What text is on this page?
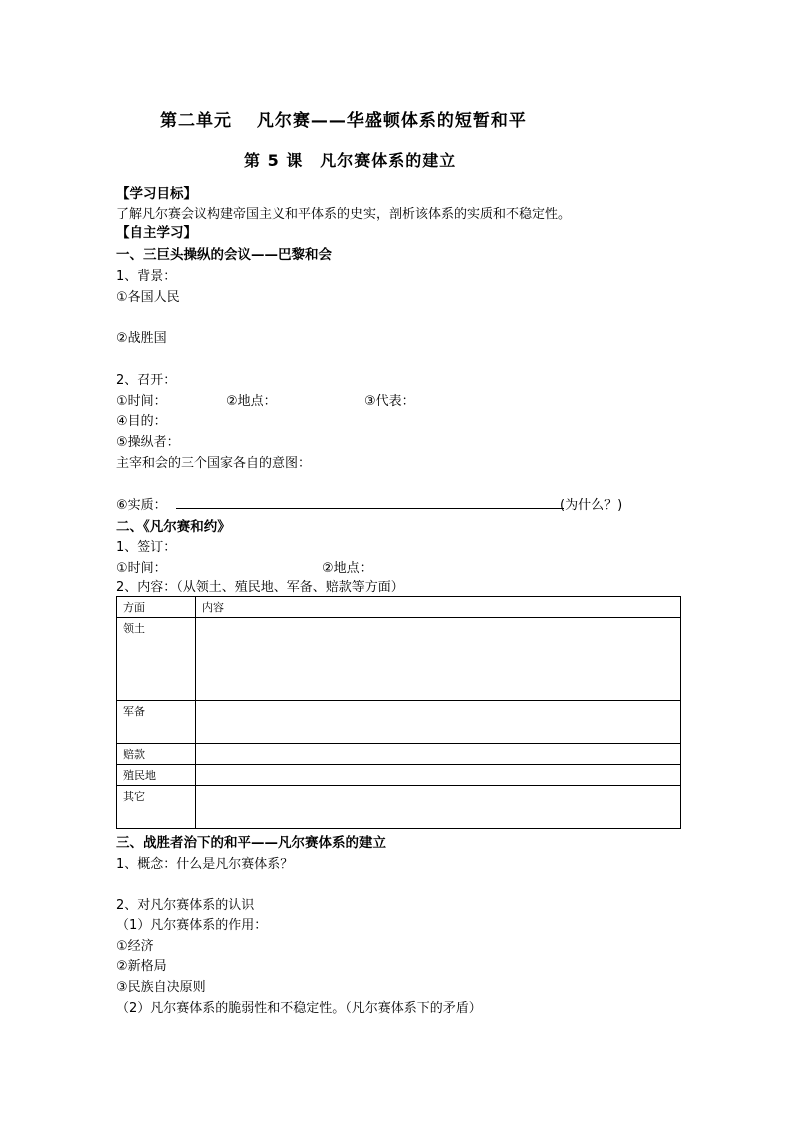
第二单元　 凡尔赛——华盛顿体系的短暂和平
第 5 课　凡尔赛体系的建立
【学习目标】
了解凡尔赛会议构建帝国主义和平体系的史实，剖析该体系的实质和不稳定性。
【自主学习】
一、三巨头操纵的会议——巴黎和会
1、背景：
①各国人民
②战胜国
2、召开：
①时间：	②地点：	③代表：
④目的：
⑤操纵者：
主宰和会的三个国家各自的意图：
⑥实质：	(为什么？)
二、《凡尔赛和约》
1、签订：
①时间：	②地点：
2、内容：（从领土、殖民地、军备、赔款等方面）
方面	内容
领土	
军备	
赔款	
殖民地	
其它	
三、战胜者治下的和平——凡尔赛体系的建立
1、概念：什么是凡尔赛体系？
2、对凡尔赛体系的认识
（1）凡尔赛体系的作用：
①经济
②新格局
③民族自决原则
（2）凡尔赛体系的脆弱性和不稳定性。（凡尔赛体系下的矛盾）
